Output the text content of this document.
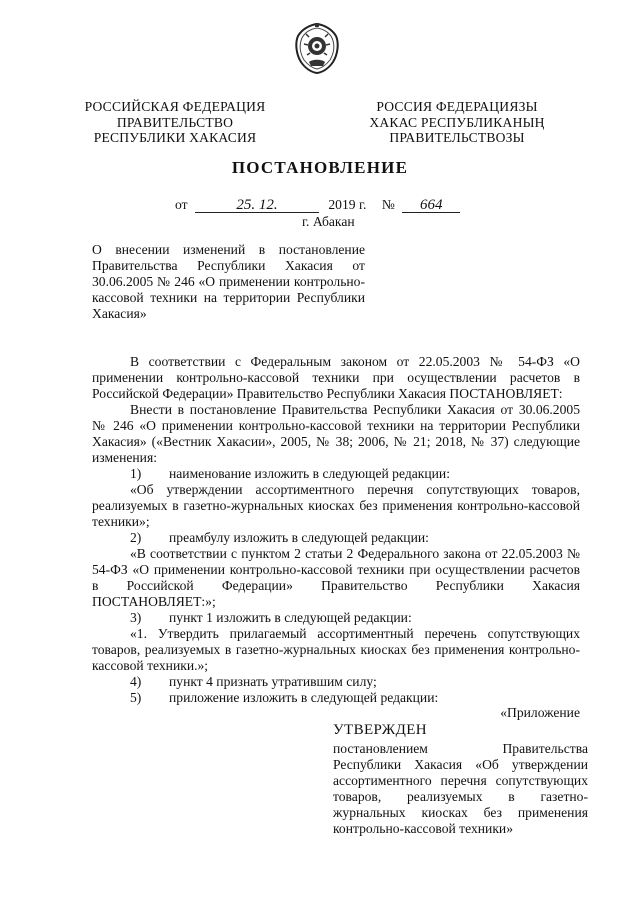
РОССИЙСКАЯ ФЕДЕРАЦИЯ
ПРАВИТЕЛЬСТВО
РЕСПУБЛИКИ ХАКАСИЯ
РОССИЯ ФЕДЕРАЦИЯЗЫ
ХАКАС РЕСПУБЛИКАНЫҢ
ПРАВИТЕЛЬСТВОЗЫ
ПОСТАНОВЛЕНИЕ
от	25. 12.	2019 г. № 664
г. Абакан
О внесении изменений в постановление Правительства Республики Хакасия от 30.06.2005 № 246 «О применении контрольно-кассовой техники на территории Республики Хакасия»

В соответствии с Федеральным законом от 22.05.2003 № 54-ФЗ «О применении контрольно-кассовой техники при осуществлении расчетов в Российской Федерации» Правительство Республики Хакасия ПОСТАНОВЛЯЕТ:

Внести в постановление Правительства Республики Хакасия от 30.06.2005 № 246 «О применении контрольно-кассовой техники на территории Республики Хакасия» («Вестник Хакасии», 2005, № 38; 2006, № 21; 2018, № 37) следующие изменения:

1) наименование изложить в следующей редакции:

«Об утверждении ассортиментного перечня сопутствующих товаров, реализуемых в газетно-журнальных киосках без применения контрольно-кассовой техники»;

2) преамбулу изложить в следующей редакции:

«В соответствии с пунктом 2 статьи 2 Федерального закона от 22.05.2003 № 54-ФЗ «О применении контрольно-кассовой техники при осуществлении расчетов в Российской Федерации» Правительство Республики Хакасия ПОСТАНОВЛЯЕТ:»;

3) пункт 1 изложить в следующей редакции:

«1. Утвердить прилагаемый ассортиментный перечень сопутствующих товаров, реализуемых в газетно-журнальных киосках без применения контрольно-кассовой техники.»;

4) пункт 4 признать утратившим силу;
5) приложение изложить в следующей редакции:
«Приложение
УТВЕРЖДЕН
постановлением Правительства Республики Хакасия «Об утверждении ассортиментного перечня сопутствующих товаров, реализуемых в газетно-журнальных киосках без применения контрольно-кассовой техники»
